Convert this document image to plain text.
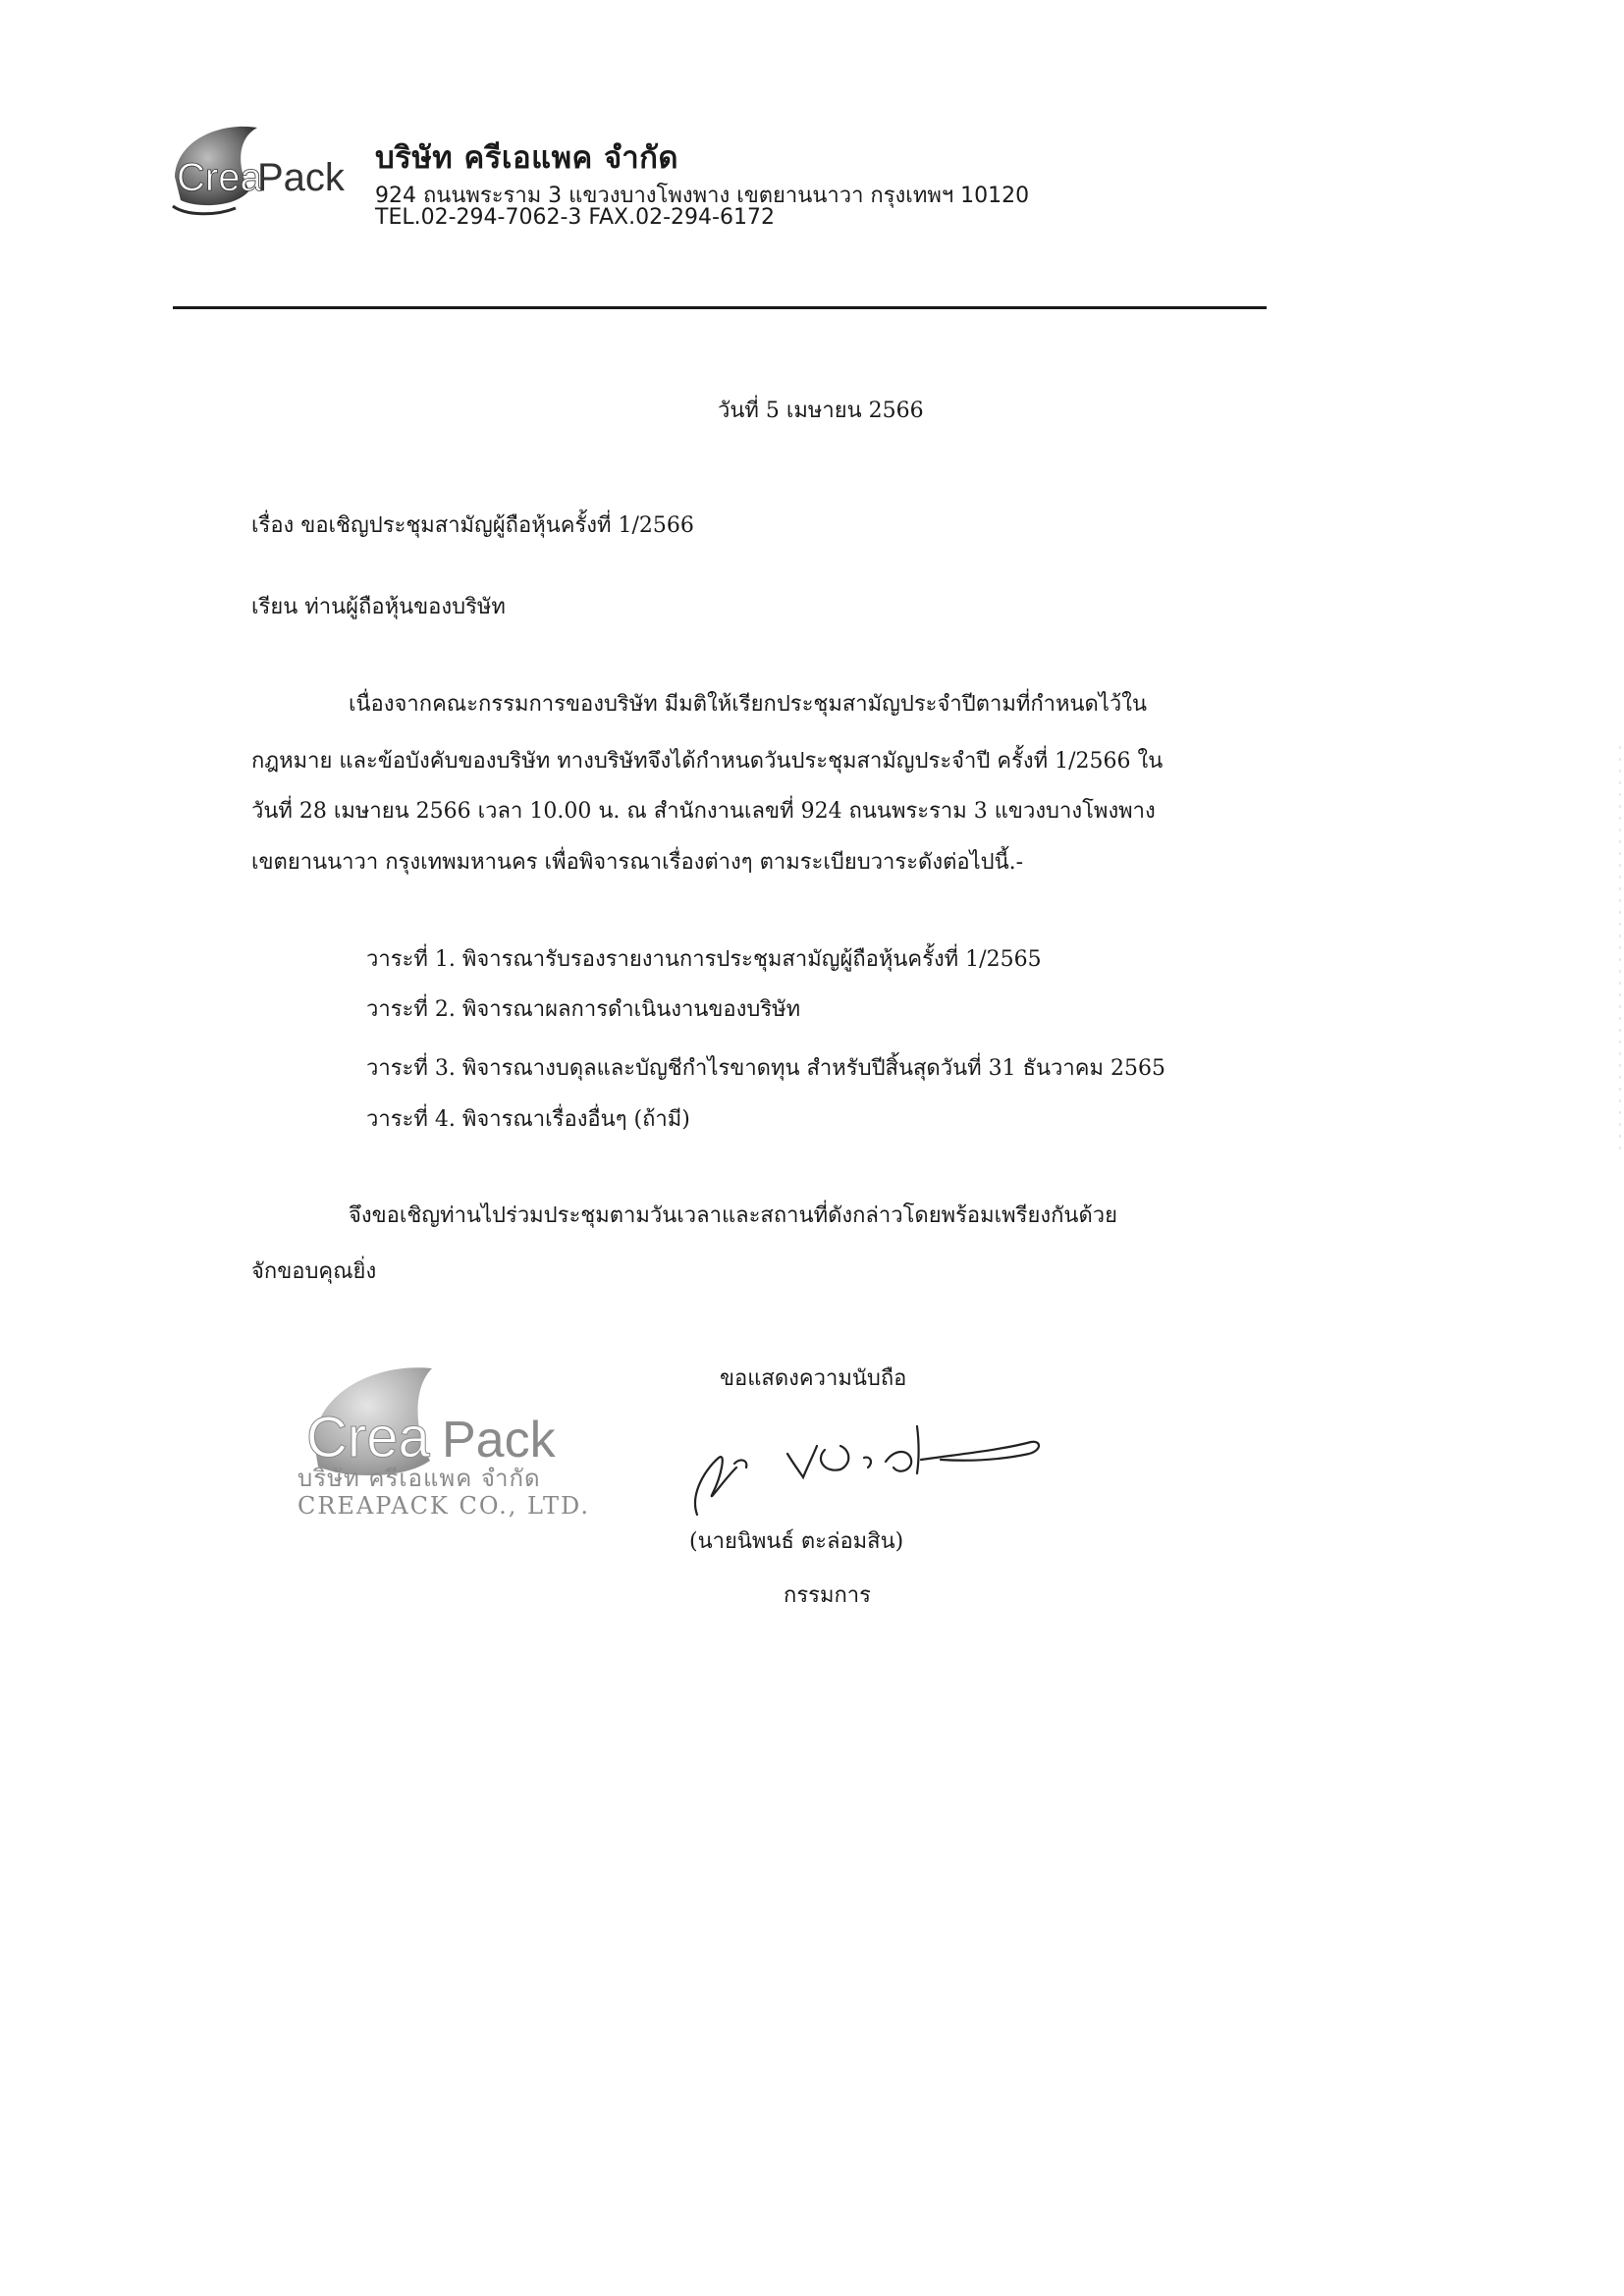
Crea
Pack บริษัท ครีเอแพค จำกัด
924 ถนนพระราม 3 แขวงบางโพงพาง เขตยานนาวา กรุงเทพฯ 10120
TEL.02-294-7062-3 FAX.02-294-6172
วันที่ 5 เมษายน 2566
เรื่อง ขอเชิญประชุมสามัญผู้ถือหุ้นครั้งที่ 1/2566
เรียน ท่านผู้ถือหุ้นของบริษัท
เนื่องจากคณะกรรมการของบริษัท มีมติให้เรียกประชุมสามัญประจำปีตามที่กำหนดไว้ใน
กฎหมาย และข้อบังคับของบริษัท ทางบริษัทจึงได้กำหนดวันประชุมสามัญประจำปี ครั้งที่ 1/2566 ใน
วันที่ 28 เมษายน 2566 เวลา 10.00 น. ณ สำนักงานเลขที่ 924 ถนนพระราม 3 แขวงบางโพงพาง
เขตยานนาวา กรุงเทพมหานคร เพื่อพิจารณาเรื่องต่างๆ ตามระเบียบวาระดังต่อไปนี้.-
วาระที่ 1. พิจารณารับรองรายงานการประชุมสามัญผู้ถือหุ้นครั้งที่ 1/2565
วาระที่ 2. พิจารณาผลการดำเนินงานของบริษัท
วาระที่ 3. พิจารณางบดุลและบัญชีกำไรขาดทุน สำหรับปีสิ้นสุดวันที่ 31 ธันวาคม 2565
วาระที่ 4. พิจารณาเรื่องอื่นๆ (ถ้ามี)
จึงขอเชิญท่านไปร่วมประชุมตามวันเวลาและสถานที่ดังกล่าวโดยพร้อมเพรียงกันด้วย
จักขอบคุณยิ่ง
Crea Pack
บริษัท ครีเอแพค จำกัด
CREAPACK CO., LTD.
ขอแสดงความนับถือ
(นายนิพนธ์ ตะล่อมสิน)
กรรมการ
